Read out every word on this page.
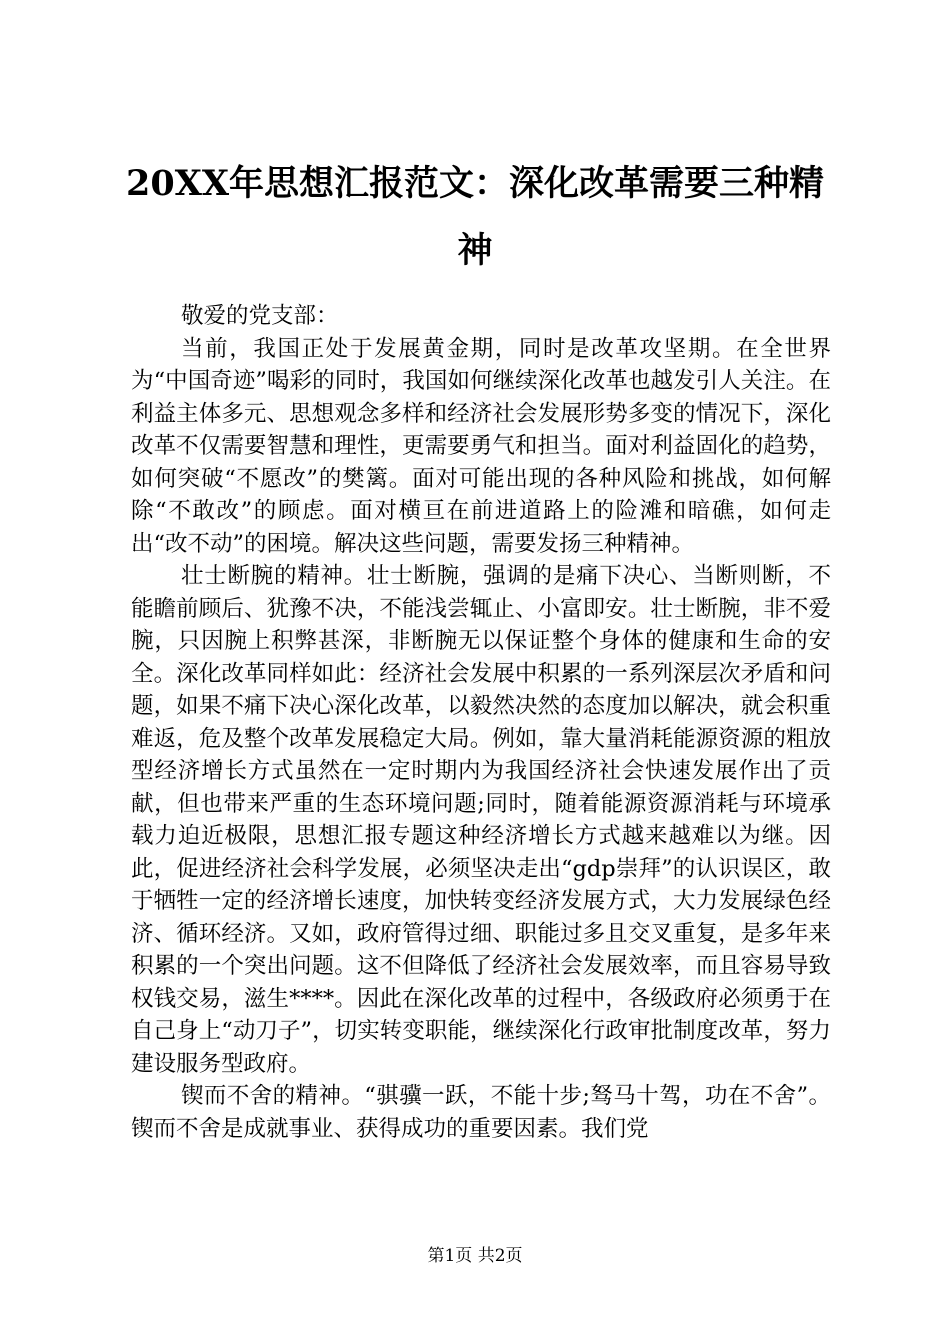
20XX年思想汇报范文：深化改革需要三种精神

敬爱的党支部：

当前，我国正处于发展黄金期，同时是改革攻坚期。在全世界为“中国奇迹”喝彩的同时，我国如何继续深化改革也越发引人关注。在利益主体多元、思想观念多样和经济社会发展形势多变的情况下，深化改革不仅需要智慧和理性，更需要勇气和担当。面对利益固化的趋势，如何突破“不愿改”的樊篱。面对可能出现的各种风险和挑战，如何解除“不敢改”的顾虑。面对横亘在前进道路上的险滩和暗礁，如何走出“改不动”的困境。解决这些问题，需要发扬三种精神。

壮士断腕的精神。壮士断腕，强调的是痛下决心、当断则断，不能瞻前顾后、犹豫不决，不能浅尝辄止、小富即安。壮士断腕，非不爱腕，只因腕上积弊甚深，非断腕无以保证整个身体的健康和生命的安全。深化改革同样如此：经济社会发展中积累的一系列深层次矛盾和问题，如果不痛下决心深化改革，以毅然决然的态度加以解决，就会积重难返，危及整个改革发展稳定大局。例如，靠大量消耗能源资源的粗放型经济增长方式虽然在一定时期内为我国经济社会快速发展作出了贡献，但也带来严重的生态环境问题;同时，随着能源资源消耗与环境承载力迫近极限，思想汇报专题这种经济增长方式越来越难以为继。因此，促进经济社会科学发展，必须坚决走出“gdp崇拜”的认识误区，敢于牺牲一定的经济增长速度，加快转变经济发展方式，大力发展绿色经济、循环经济。又如，政府管得过细、职能过多且交叉重复，是多年来积累的一个突出问题。这不但降低了经济社会发展效率，而且容易导致权钱交易，滋生****。因此在深化改革的过程中，各级政府必须勇于在自己身上“动刀子”，切实转变职能，继续深化行政审批制度改革，努力建设服务型政府。

锲而不舍的精神。“骐骥一跃，不能十步;驽马十驾，功在不舍”。锲而不舍是成就事业、获得成功的重要因素。我们党

第1页 共2页
